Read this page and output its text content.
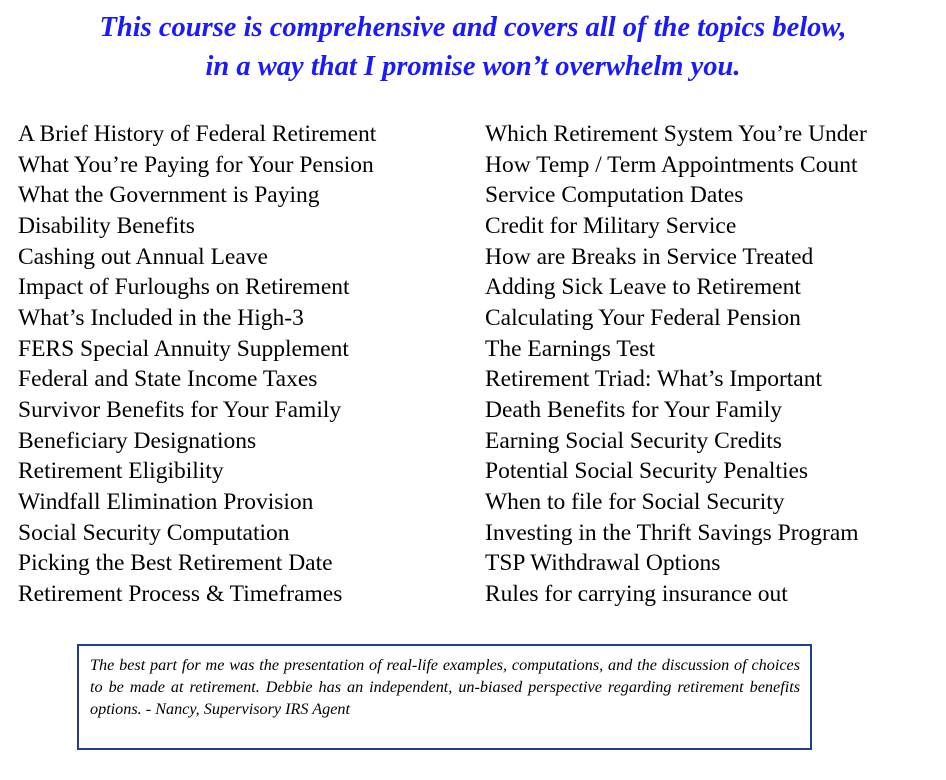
This course is comprehensive and covers all of the topics below,
in a way that I promise won’t overwhelm you.
A Brief History of Federal Retirement
What You’re Paying for Your Pension
What the Government is Paying
Disability Benefits
Cashing out Annual Leave
Impact of Furloughs on Retirement
What’s Included in the High-3
FERS Special Annuity Supplement
Federal and State Income Taxes
Survivor Benefits for Your Family
Beneficiary Designations
Retirement Eligibility
Windfall Elimination Provision
Social Security Computation
Picking the Best Retirement Date
Retirement Process & Timeframes
Which Retirement System You’re Under
How Temp / Term Appointments Count
Service Computation Dates
Credit for Military Service
How are Breaks in Service Treated
Adding Sick Leave to Retirement
Calculating Your Federal Pension
The Earnings Test
Retirement Triad: What’s Important
Death Benefits for Your Family
Earning Social Security Credits
Potential Social Security Penalties
When to file for Social Security
Investing in the Thrift Savings Program
TSP Withdrawal Options
Rules for carrying insurance out
The best part for me was the presentation of real-life examples, computations, and the discussion of choices to be made at retirement. Debbie has an independent, un-biased perspective regarding retirement benefits options. - Nancy, Supervisory IRS Agent
